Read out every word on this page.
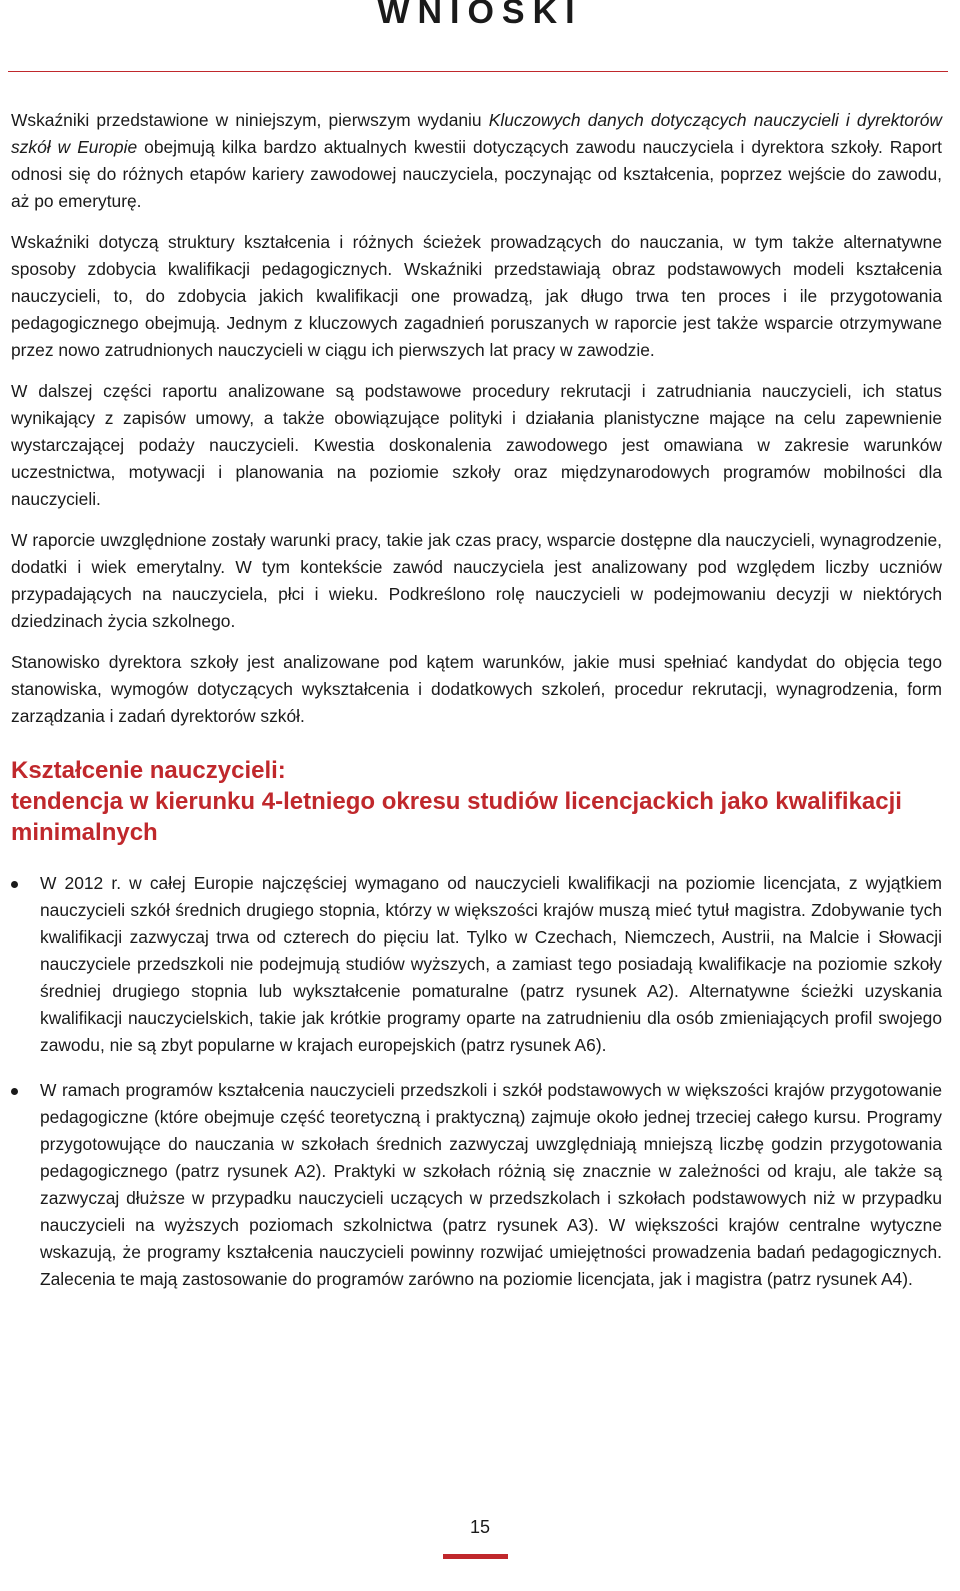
WNIOSKI

Wskaźniki przedstawione w niniejszym, pierwszym wydaniu Kluczowych danych dotyczących nauczycieli i dyrektorów szkół w Europie obejmują kilka bardzo aktualnych kwestii dotyczących zawodu nauczyciela i dyrektora szkoły. Raport odnosi się do różnych etapów kariery zawodowej nauczyciela, poczynając od kształcenia, poprzez wejście do zawodu, aż po emeryturę.

Wskaźniki dotyczą struktury kształcenia i różnych ścieżek prowadzących do nauczania, w tym także alternatywne sposoby zdobycia kwalifikacji pedagogicznych. Wskaźniki przedstawiają obraz podstawowych modeli kształcenia nauczycieli, to, do zdobycia jakich kwalifikacji one prowadzą, jak długo trwa ten proces i ile przygotowania pedagogicznego obejmują. Jednym z kluczowych zagadnień poruszanych w raporcie jest także wsparcie otrzymywane przez nowo zatrudnionych nauczycieli w ciągu ich pierwszych lat pracy w zawodzie.

W dalszej części raportu analizowane są podstawowe procedury rekrutacji i zatrudniania nauczycieli, ich status wynikający z zapisów umowy, a także obowiązujące polityki i działania planistyczne mające na celu zapewnienie wystarczającej podaży nauczycieli. Kwestia doskonalenia zawodowego jest omawiana w zakresie warunków uczestnictwa, motywacji i planowania na poziomie szkoły oraz międzynarodowych programów mobilności dla nauczycieli.

W raporcie uwzględnione zostały warunki pracy, takie jak czas pracy, wsparcie dostępne dla nauczycieli, wynagrodzenie, dodatki i wiek emerytalny. W tym kontekście zawód nauczyciela jest analizowany pod względem liczby uczniów przypadających na nauczyciela, płci i wieku. Podkreślono rolę nauczycieli w podejmowaniu decyzji w niektórych dziedzinach życia szkolnego.

Stanowisko dyrektora szkoły jest analizowane pod kątem warunków, jakie musi spełniać kandydat do objęcia tego stanowiska, wymogów dotyczących wykształcenia i dodatkowych szkoleń, procedur rekrutacji, wynagrodzenia, form zarządzania i zadań dyrektorów szkół.

Kształcenie nauczycieli:
tendencja w kierunku 4-letniego okresu studiów licencjackich jako kwalifikacji minimalnych
W 2012 r. w całej Europie najczęściej wymagano od nauczycieli kwalifikacji na poziomie licencjata, z wyjątkiem nauczycieli szkół średnich drugiego stopnia, którzy w większości krajów muszą mieć tytuł magistra. Zdobywanie tych kwalifikacji zazwyczaj trwa od czterech do pięciu lat. Tylko w Czechach, Niemczech, Austrii, na Malcie i Słowacji nauczyciele przedszkoli nie podejmują studiów wyższych, a zamiast tego posiadają kwalifikacje na poziomie szkoły średniej drugiego stopnia lub wykształcenie pomaturalne (patrz rysunek A2). Alternatywne ścieżki uzyskania kwalifikacji nauczycielskich, takie jak krótkie programy oparte na zatrudnieniu dla osób zmieniających profil swojego zawodu, nie są zbyt popularne w krajach europejskich (patrz rysunek A6).
W ramach programów kształcenia nauczycieli przedszkoli i szkół podstawowych w większości krajów przygotowanie pedagogiczne (które obejmuje część teoretyczną i praktyczną) zajmuje około jednej trzeciej całego kursu. Programy przygotowujące do nauczania w szkołach średnich zazwyczaj uwzględniają mniejszą liczbę godzin przygotowania pedagogicznego (patrz rysunek A2). Praktyki w szkołach różnią się znacznie w zależności od kraju, ale także są zazwyczaj dłuższe w przypadku nauczycieli uczących w przedszkolach i szkołach podstawowych niż w przypadku nauczycieli na wyższych poziomach szkolnictwa (patrz rysunek A3). W większości krajów centralne wytyczne wskazują, że programy kształcenia nauczycieli powinny rozwijać umiejętności prowadzenia badań pedagogicznych. Zalecenia te mają zastosowanie do programów zarówno na poziomie licencjata, jak i magistra (patrz rysunek A4).
15
